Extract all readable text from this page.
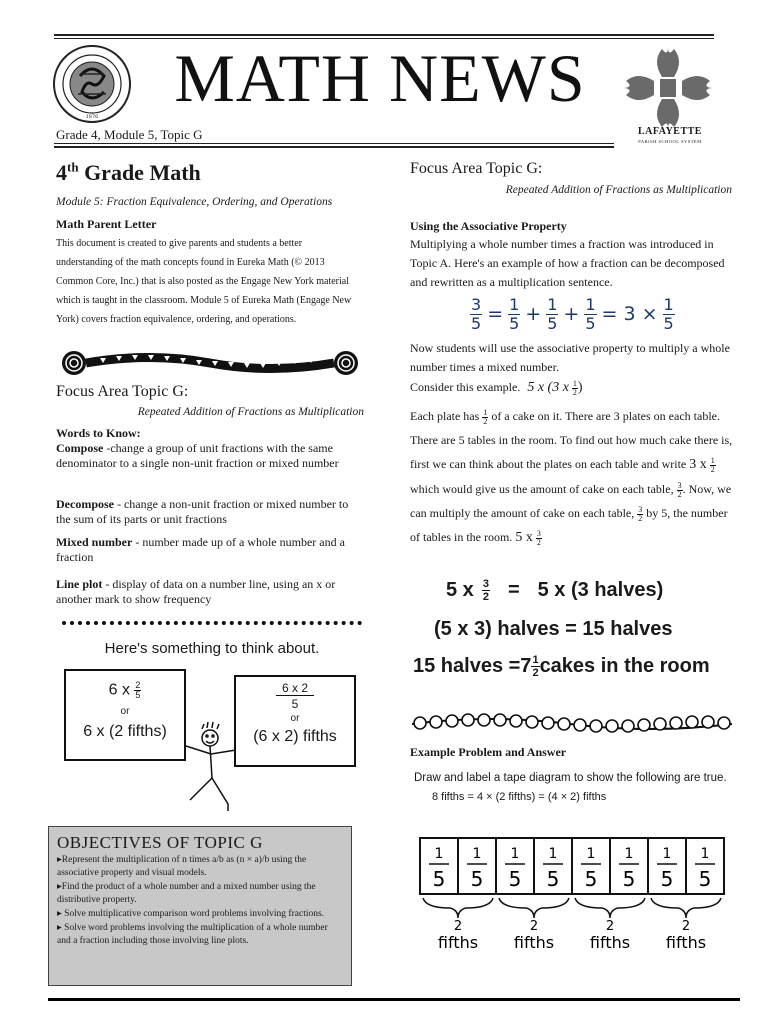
1876
MATH NEWS
LAFAYETTE
PARISH SCHOOL SYSTEM
Grade 4, Module 5, Topic G
4th Grade Math
Module 5: Fraction Equivalence, Ordering, and Operations
Math Parent Letter
This document is created to give parents and students a better understanding of the math concepts found in Eureka Math (© 2013 Common Core, Inc.) that is also posted as the Engage New York material which is taught in the classroom. Module 5 of Eureka Math (Engage New York) covers fraction equivalence, ordering, and operations.
Focus Area Topic G:
Repeated Addition of Fractions as Multiplication
Words to Know:
Compose -change a group of unit fractions with the same denominator to a single non-unit fraction or mixed number
Decompose - change a non-unit fraction or mixed number to the sum of its parts or unit fractions
Mixed number - number made up of a whole number and a fraction
Line plot - display of data on a number line, using an x or another mark to show frequency
Here's something to think about.
6 x $\frac{2}{5}$
or
6 x (2 fifths)
6 x 2
5
or
(6 x 2) fifths
OBJECTIVES OF TOPIC G
▸Represent the multiplication of n times a/b as (n × a)/b using the associative property and visual models.
▸Find the product of a whole number and a mixed number using the distributive property.
▸ Solve multiplicative comparison word problems involving fractions.
▸ Solve word problems involving the multiplication of a whole number and a fraction including those involving line plots.
Focus Area Topic G:
Repeated Addition of Fractions as Multiplication
Using the Associative Property
Multiplying a whole number times a fraction was introduced in Topic A. Here's an example of how a fraction can be decomposed and rewritten as a multiplication sentence.
$\frac{3}{5} = \frac{1}{5} + \frac{1}{5} + \frac{1}{5} = 3 \times \frac{1}{5}$
Now students will use the associative property to multiply a whole number times a mixed number.
Consider this example. 5 x (3 x $\frac{1}{2}$ )
Each plate has $\frac{1}{2}$ of a cake on it. There are 3 plates on each table. There are 5 tables in the room. To find out how much cake there is, first we can think about the plates on each table and write 3 x $\frac{1}{2}$
which would give us the amount of cake on each table, $\frac{3}{2}$ . Now, we can multiply the amount of cake on each table, $\frac{3}{2}$ by 5, the number of tables in the room. 5 x $\frac{3}{2}$
5 x $\frac{3}{2} = 5$ x (3 halves)
(5 x 3) halves = 15 halves
15 halves $=7 \frac{1}{2}$ cakes in the room
Example Problem and Answer
Draw and label a tape diagram to show the following are true.
8 fifths = 4 × (2 fifths) = (4 × 2) fifths
1
5
1
5
1
5
1
5
1
5
1
5
1
5
1
5
2
fifths
2
fifths
2
fifths
2
fifths
